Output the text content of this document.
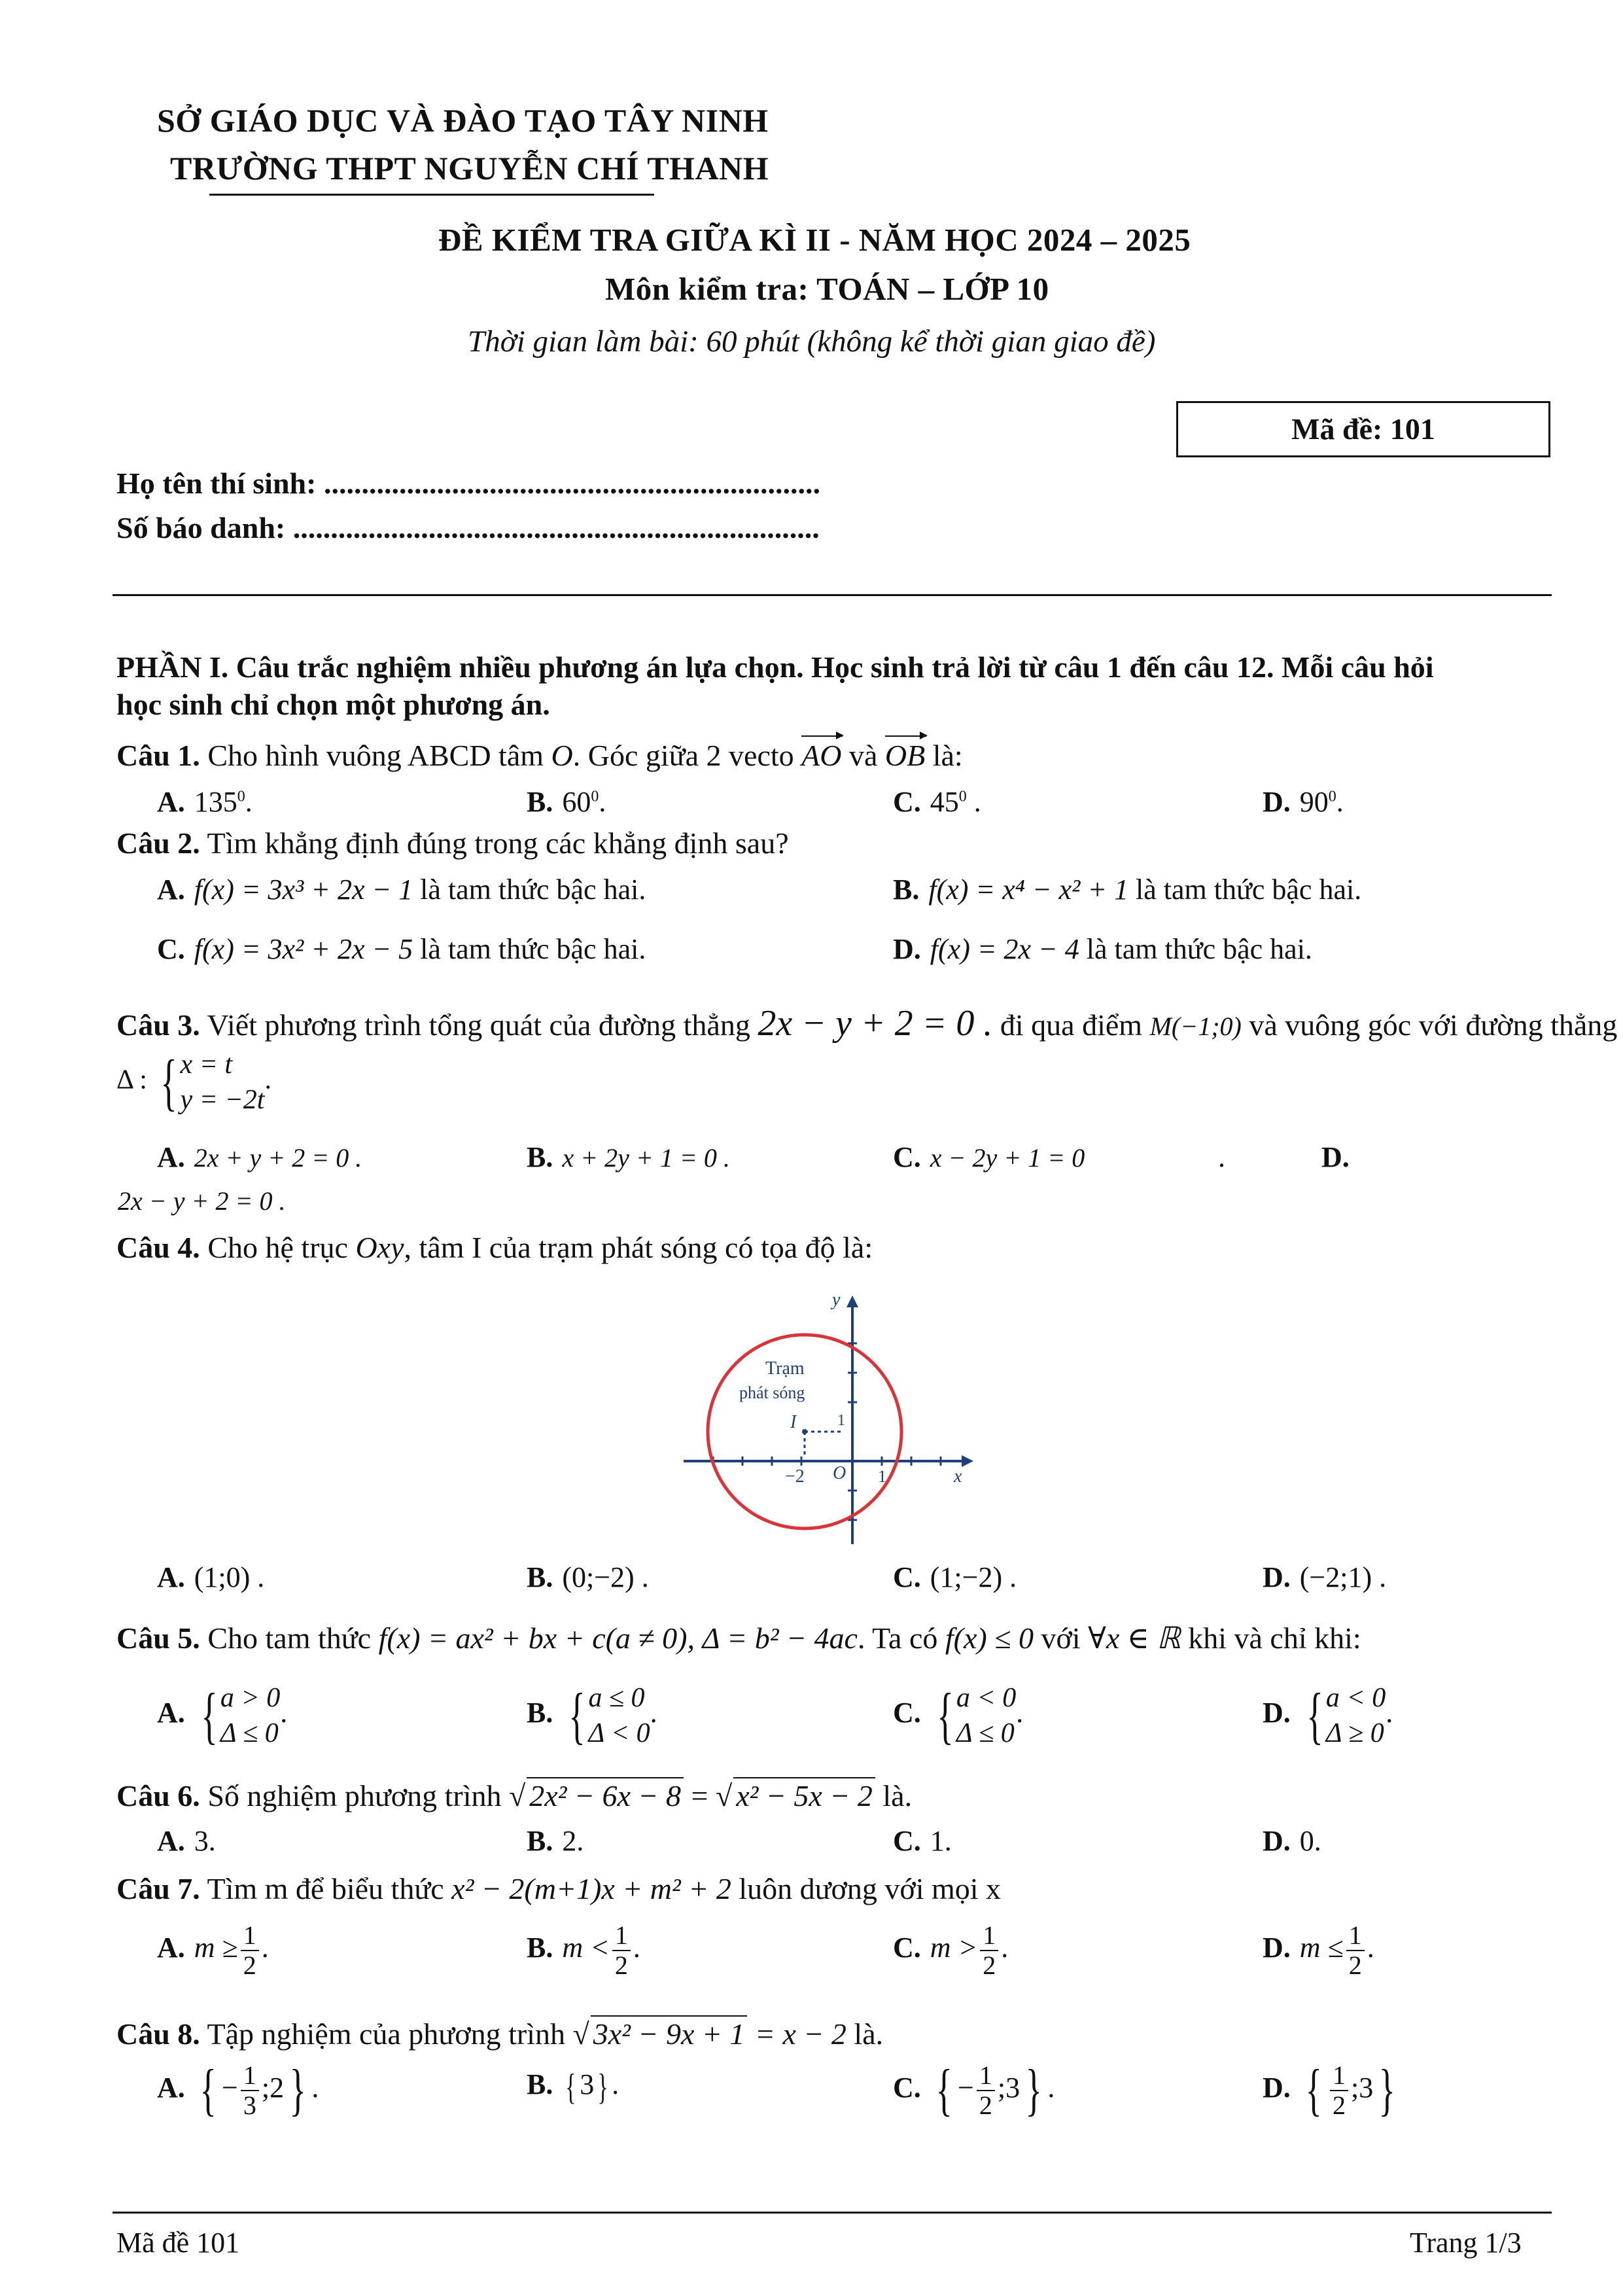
SỞ GIÁO DỤC VÀ ĐÀO TẠO TÂY NINH
TRƯỜNG THPT NGUYỄN CHÍ THANH
ĐỀ KIỂM TRA GIỮA KÌ II - NĂM HỌC 2024 – 2025
Môn kiểm tra: TOÁN – LỚP 10
Thời gian làm bài: 60 phút (không kể thời gian giao đề)
Mã đề: 101
Họ tên thí sinh: ..................................................................
Số báo danh: ......................................................................
PHẦN I. Câu trắc nghiệm nhiều phương án lựa chọn. Học sinh trả lời từ câu 1 đến câu 12. Mỗi câu hỏi
học sinh chỉ chọn một phương án.
Câu 1. Cho hình vuông ABCD tâm O. Góc giữa 2 vecto AO và OB là:
A. $135^0$.	B. $60^0$.	C. $45^0$ .	D. $90^0$.
Câu 2. Tìm khẳng định đúng trong các khẳng định sau?
A. f(x) = 3x³ + 2x − 1 là tam thức bậc hai.	B. f(x) = x⁴ − x² + 1 là tam thức bậc hai.
C. f(x) = 3x² + 2x − 5 là tam thức bậc hai.	D. f(x) = 2x − 4 là tam thức bậc hai.
Câu 3. Viết phương trình tổng quát của đường thẳng 2x − y + 2 = 0 . đi qua điểm M(−1;0) và vuông góc với đường thẳng
Δ : { x = t
y = −2t
.
A. 2x + y + 2 = 0 .	B. x + 2y + 1 = 0 .	C. x − 2y + 1 = 0	.	D.
2x − y + 2 = 0 .
Câu 4. Cho hệ trục Oxy, tâm I của trạm phát sóng có tọa độ là:
Trạm
phát sóng
I	1
−2 O 1	x
y
A. (1;0) .	B. (0;−2) .	C. (1;−2) .	D. (−2;1) .
Câu 5. Cho tam thức f(x) = ax² + bx + c(a ≠ 0), Δ = b² − 4ac. Ta có f(x) ≤ 0 với ∀x ∈ ℝ khi và chỉ khi:
A. { a > 0
Δ ≤ 0
.	B. { a ≤ 0
Δ < 0
.	C. { a < 0
Δ ≤ 0
.	D. { a < 0
Δ ≥ 0
.
Câu 6. Số nghiệm phương trình √ 2x² − 6x − 8 = √ x² − 5x − 2 là.
A. 3.	B. 2.	C. 1.	D. 0.
Câu 7. Tìm m để biểu thức x² − 2(m+1)x + m² + 2 luôn dương với mọi x
A. $m \ge \frac{1}{2}$ .	B. $m < \frac{1}{2}$ .	C. $m > \frac{1}{2}$ .	D. $m \le \frac{1}{2}$ .
Câu 8. Tập nghiệm của phương trình √ 3x² − 9x + 1 = x − 2 là.
A. { − $\frac{1}{3}$ ;2} .	B. { 3} .	C. { − $\frac{1}{2}$ ;3} .	D. { $\frac{1}{2}$ ;3}
Mã đề 101	Trang 1/3
